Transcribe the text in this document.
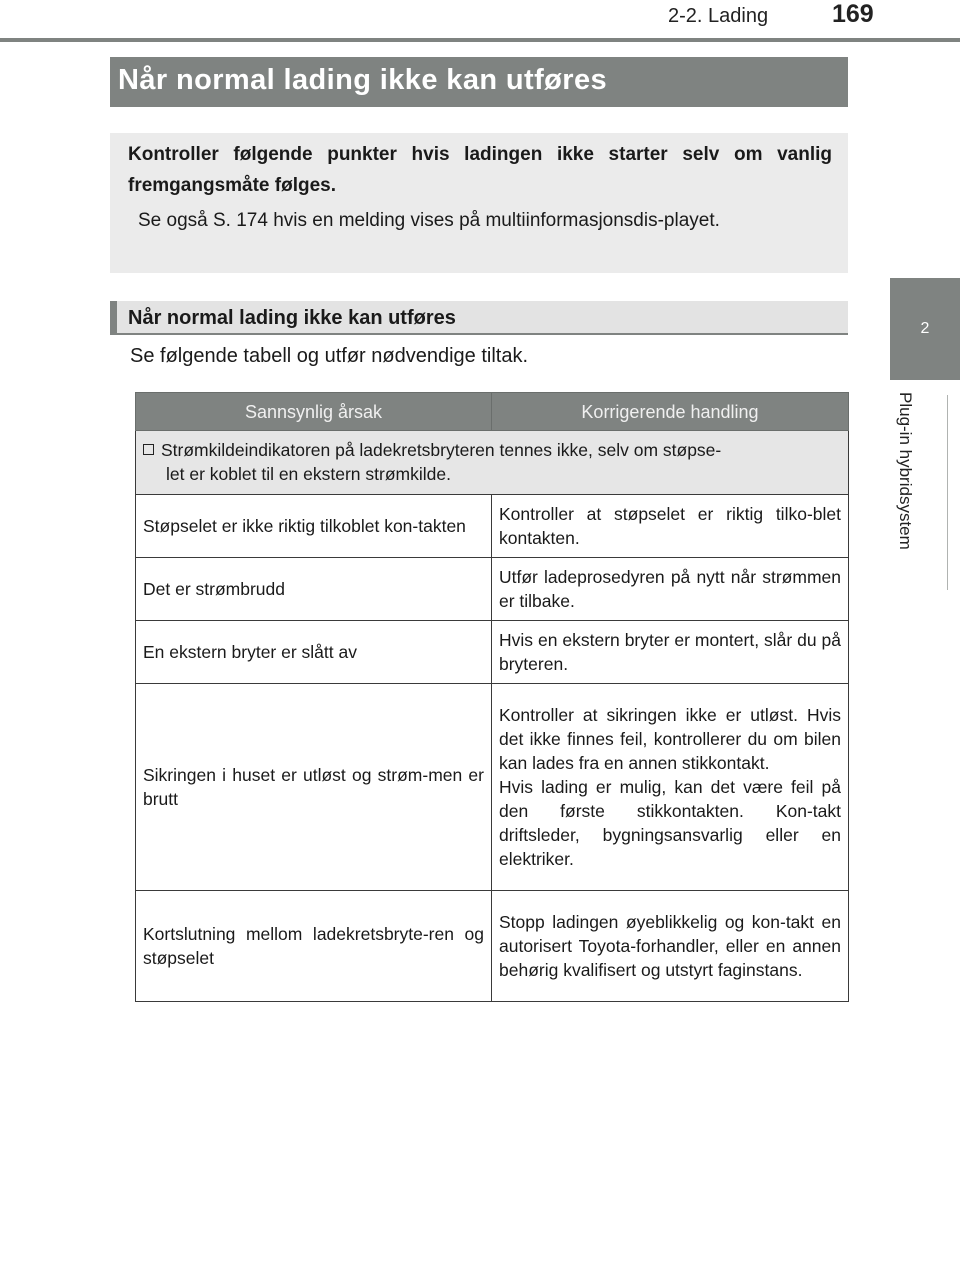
2-2. Lading	169
2
Plug-in hybridsystem
Når normal lading ikke kan utføres

Kontroller følgende punkter hvis ladingen ikke starter selv om vanlig fremgangsmåte følges.

Se også S. 174 hvis en melding vises på multiinformasjonsdis-playet.

Når normal lading ikke kan utføres

Se følgende tabell og utfør nødvendige tiltak.

Sannsynlig årsak	Korrigerende handling
Strømkildeindikatoren på ladekretsbryteren tennes ikke, selv om støpse-
let er koblet til en ekstern strømkilde.	

Støpselet er ikke riktig tilkoblet kon-takten	Kontroller at støpselet er riktig tilko-blet kontakten.
Det er strømbrudd	Utfør ladeprosedyren på nytt når strømmen er tilbake.
En ekstern bryter er slått av	Hvis en ekstern bryter er montert, slår du på bryteren.
Sikringen i huset er utløst og strøm-men er brutt	Kontroller at sikringen ikke er utløst. Hvis det ikke finnes feil, kontrollerer du om bilen kan lades fra en annen stikkontakt.
Hvis lading er mulig, kan det være feil på den første stikkontakten. Kon-takt driftsleder, bygningsansvarlig eller en elektriker.

Kortslutning mellom ladekretsbryte-ren og støpselet	Stopp ladingen øyeblikkelig og kon-takt en autorisert Toyota-forhandler, eller en annen behørig kvalifisert og utstyrt faginstans.
